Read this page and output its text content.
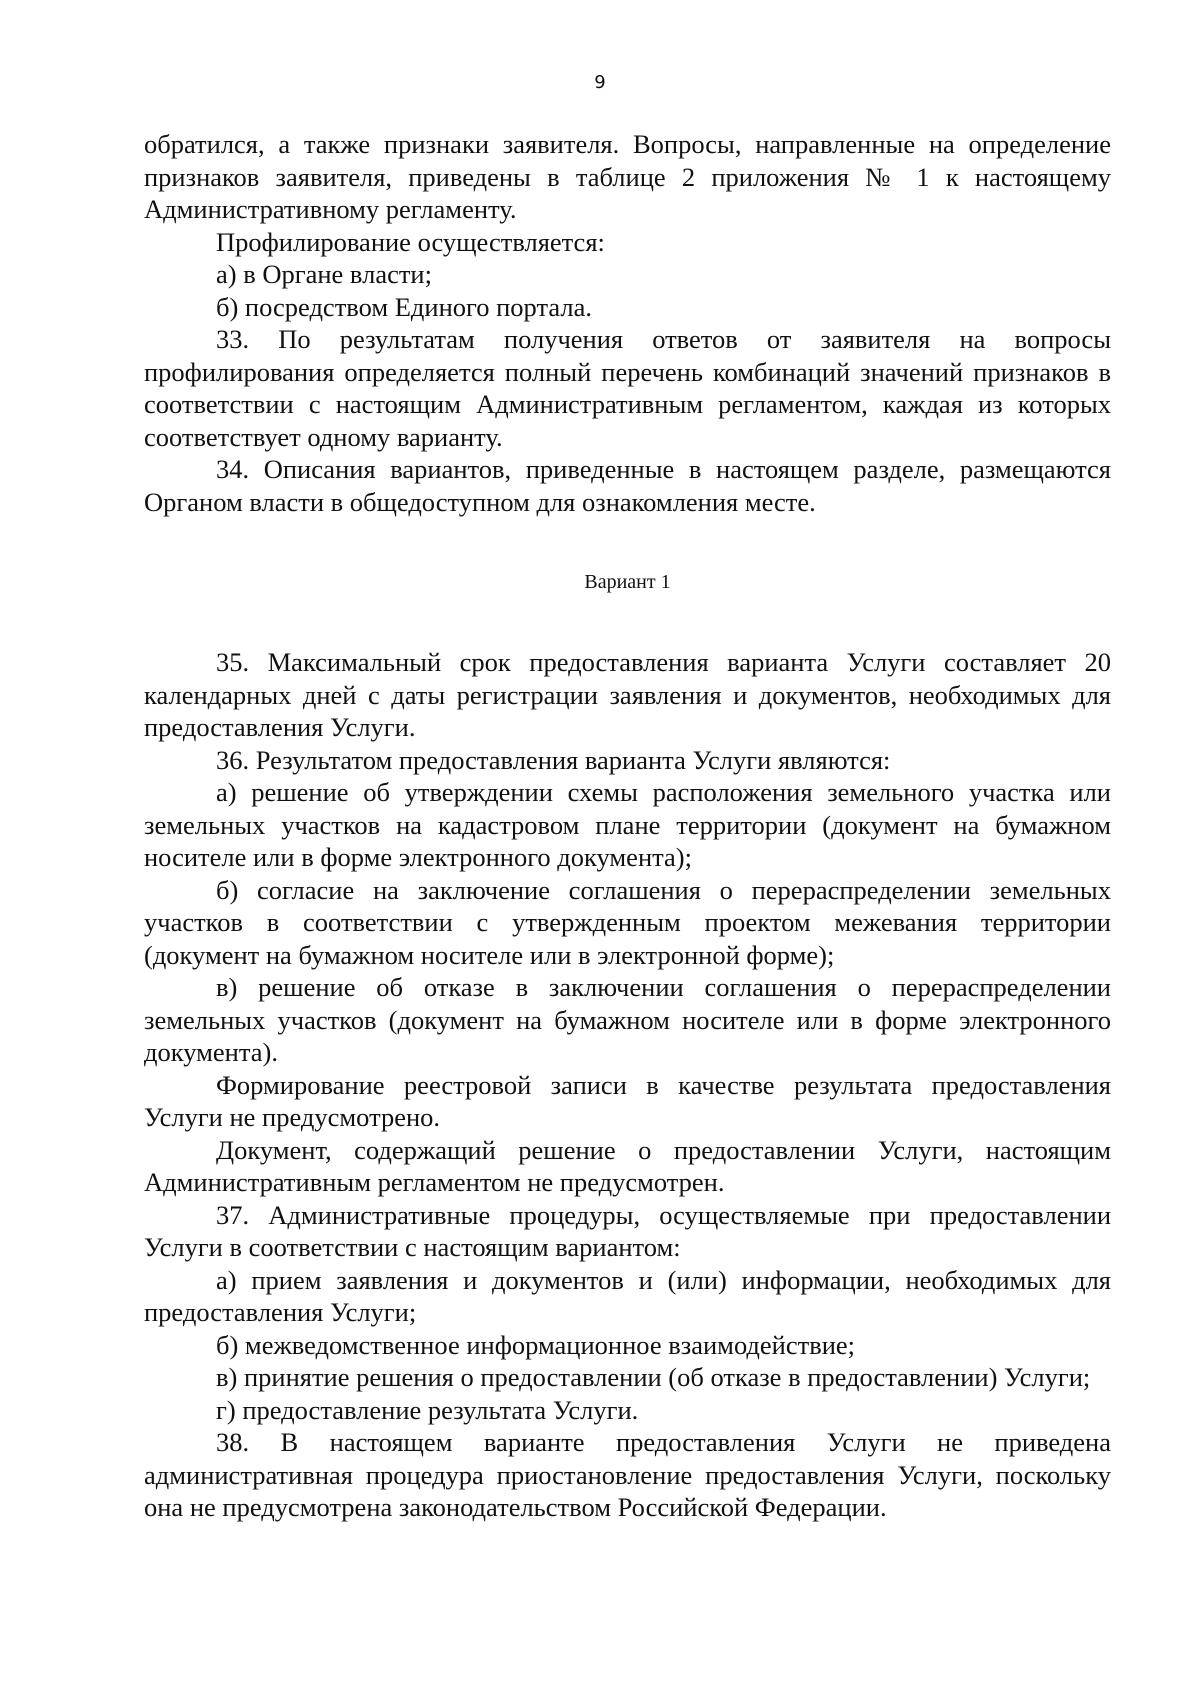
9

обратился, а также признаки заявителя. Вопросы, направленные на определение признаков заявителя, приведены в таблице 2 приложения № 1 к настоящему Административному регламенту.

Профилирование осуществляется:

а) в Органе власти;

б) посредством Единого портала.

33. По результатам получения ответов от заявителя на вопросы профилирования определяется полный перечень комбинаций значений признаков в соответствии с настоящим Административным регламентом, каждая из которых соответствует одному варианту.

34. Описания вариантов, приведенные в настоящем разделе, размещаются Органом власти в общедоступном для ознакомления месте.

Вариант 1

35. Максимальный срок предоставления варианта Услуги составляет 20 календарных дней с даты регистрации заявления и документов, необходимых для предоставления Услуги.

36. Результатом предоставления варианта Услуги являются:

а) решение об утверждении схемы расположения земельного участка или земельных участков на кадастровом плане территории (документ на бумажном носителе или в форме электронного документа);

б) согласие на заключение соглашения о перераспределении земельных участков в соответствии с утвержденным проектом межевания территории (документ на бумажном носителе или в электронной форме);

в) решение об отказе в заключении соглашения о перераспределении земельных участков (документ на бумажном носителе или в форме электронного документа).

Формирование реестровой записи в качестве результата предоставления Услуги не предусмотрено.

Документ, содержащий решение о предоставлении Услуги, настоящим Административным регламентом не предусмотрен.

37. Административные процедуры, осуществляемые при предоставлении Услуги в соответствии с настоящим вариантом:

а) прием заявления и документов и (или) информации, необходимых для предоставления Услуги;

б) межведомственное информационное взаимодействие;

в) принятие решения о предоставлении (об отказе в предоставлении) Услуги;

г) предоставление результата Услуги.

38. В настоящем варианте предоставления Услуги не приведена административная процедура приостановление предоставления Услуги, поскольку она не предусмотрена законодательством Российской Федерации.
